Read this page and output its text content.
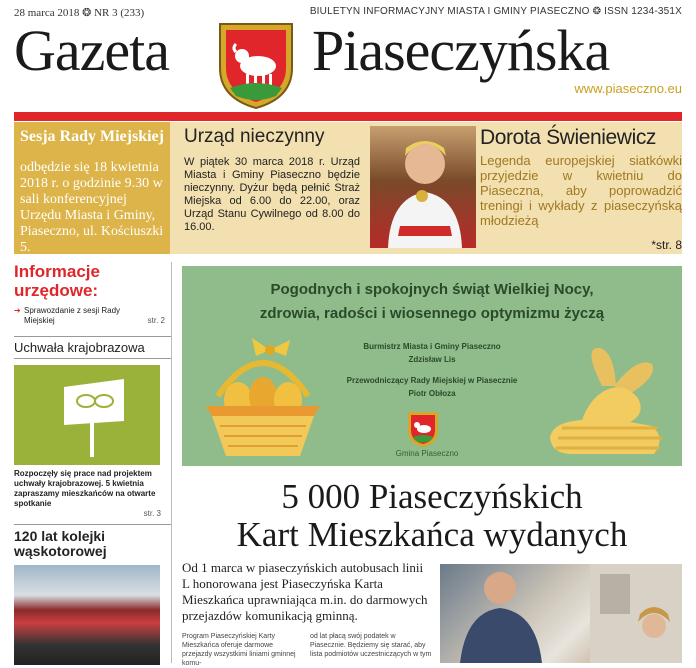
28 marca 2018 ❂ NR 3 (233)	BIULETYN INFORMACYJNY MIASTA I GMINY PIASECZNO ❂ ISSN 1234-351X
Gazeta Piaseczyńska
www.piaseczno.eu
Sesja Rady Miejskiej

odbędzie się 18 kwietnia 2018 r. o godzinie 9.30 w sali konferencyjnej Urzędu Miasta i Gminy, Piaseczno, ul. Kościuszki 5.

Urząd nieczynny

W piątek 30 marca 2018 r. Urząd Miasta i Gminy Piaseczno będzie nieczynny. Dyżur będą pełnić Straż Miejska od 6.00 do 22.00, oraz Urząd Stanu Cywilnego od 8.00 do 16.00.

Dorota Świeniewicz

Legenda europejskiej siatkówki przyjedzie w kwietniu do Piaseczna, aby poprowadzić treningi i wykłady z piaseczyńską młodzieżą

*str. 8
Informacje
urzędowe:
➔ Sprawozdanie z sesji Rady Miejskiej	str. 2
Uchwała krajobrazowa
Rozpoczęły się prace nad projektem uchwały krajobrazowej. 5 kwietnia zapraszamy mieszkańców na otwarte spotkanie
str. 3
120 lat kolejki wąskotorowej
Pogodnych i spokojnych świąt Wielkiej Nocy,
zdrowia, radości i wiosennego optymizmu życzą
Burmistrz Miasta i Gminy Piaseczno
Zdzisław Lis
Przewodniczący Rady Miejskiej w Piasecznie
Piotr Obłoza
Gmina Piaseczno
5 000 Piaseczyńskich
Kart Mieszkańca wydanych
Od 1 marca w piaseczyńskich autobusach linii L honorowana jest Piaseczyńska Karta Mieszkańca uprawniająca m.in. do darmowych przejazdów komunikacją gminną.
Program Piaseczyńskiej Karty Mieszkańca oferuje darmowe przejazdy wszystkimi liniami gminnej komu-
od lat płacą swój podatek w Piasecznie. Będziemy się starać, aby lista podmiotów uczestniczących w tym
